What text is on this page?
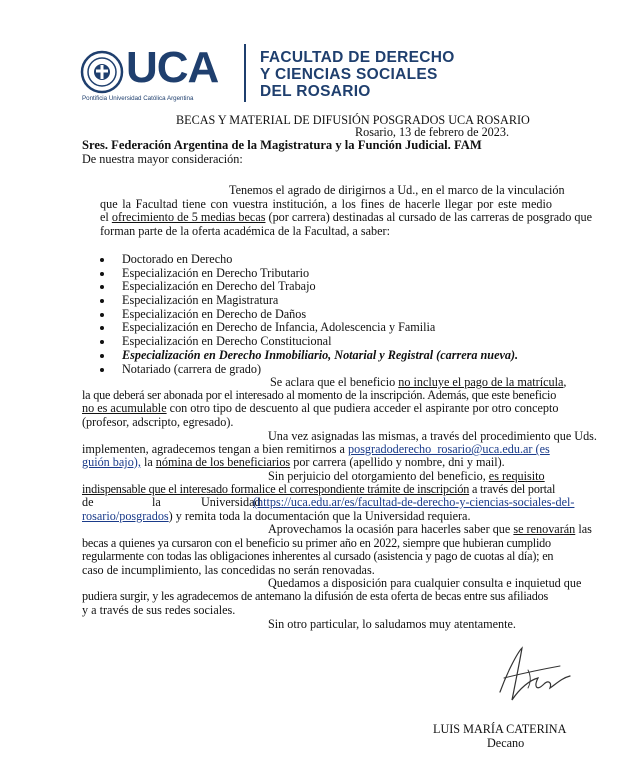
UCA
Pontificia Universidad Católica Argentina
FACULTAD DE DERECHO
Y CIENCIAS SOCIALES
DEL ROSARIO
BECAS Y MATERIAL DE DIFUSIÓN POSGRADOS UCA ROSARIO
Rosario, 13 de febrero de 2023.
Sres. Federación Argentina de la Magistratura y la Función Judicial. FAM
De nuestra mayor consideración:
Tenemos el agrado de dirigirnos a Ud., en el marco de la vinculación
que la Facultad tiene con vuestra institución, a los fines de hacerle llegar por este medio
el ofrecimiento de 5 medias becas (por carrera) destinadas al cursado de las carreras de posgrado que
forman parte de la oferta académica de la Facultad, a saber:
Doctorado en Derecho
Especialización en Derecho Tributario
Especialización en Derecho del Trabajo
Especialización en Magistratura
Especialización en Derecho de Daños
Especialización en Derecho de Infancia, Adolescencia y Familia
Especialización en Derecho Constitucional
Especialización en Derecho Inmobiliario, Notarial y Registral (carrera nueva).
Notariado (carrera de grado)
Se aclara que el beneficio no incluye el pago de la matrícula,
la que deberá ser abonada por el interesado al momento de la inscripción. Además, que este beneficio
no es acumulable con otro tipo de descuento al que pudiera acceder el aspirante por otro concepto
(profesor, adscripto, egresado).
Una vez asignadas las mismas, a través del procedimiento que Uds.
implementen, agradecemos tengan a bien remitirnos a posgradoderecho_rosario@uca.edu.ar (es
guión bajo), la nómina de los beneficiarios por carrera (apellido y nombre, dni y mail).
Sin perjuicio del otorgamiento del beneficio, es requisito
indispensable que el interesado formalice el correspondiente trámite de inscripción a través del portal
de	la	Universidad
(https://uca.edu.ar/es/facultad-de-derecho-y-ciencias-sociales-del-
rosario/posgrados) y remita toda la documentación que la Universidad requiera.
Aprovechamos la ocasión para hacerles saber que se renovarán las
becas a quienes ya cursaron con el beneficio su primer año en 2022, siempre que hubieran cumplido
regularmente con todas las obligaciones inherentes al cursado (asistencia y pago de cuotas al día); en
caso de incumplimiento, las concedidas no serán renovadas.
Quedamos a disposición para cualquier consulta e inquietud que
pudiera surgir, y les agradecemos de antemano la difusión de esta oferta de becas entre sus afiliados
y a través de sus redes sociales.
Sin otro particular, lo saludamos muy atentamente.
LUIS MARÍA CATERINA
Decano
